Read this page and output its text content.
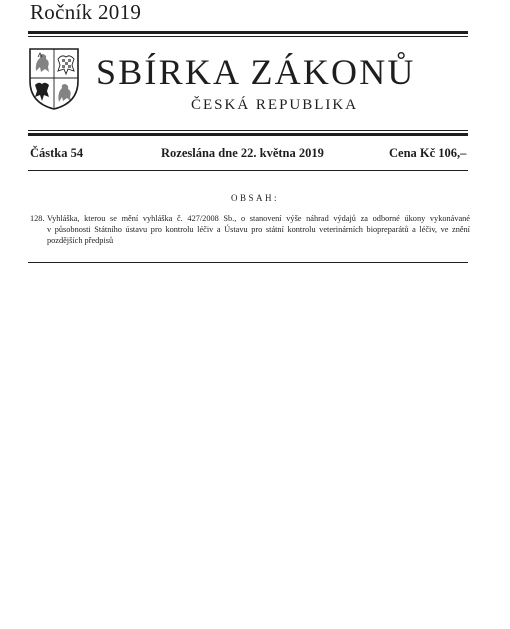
Ročník 2019
SBÍRKA ZÁKONŮ
ČESKÁ REPUBLIKA
Částka 54	Rozeslána dne 22. května 2019	Cena Kč 106,–
OBSAH:
128. Vyhláška, kterou se mění vyhláška č. 427/2008 Sb., o stanovení výše náhrad výdajů za odborné úkony vykonávané
v působnosti Státního ústavu pro kontrolu léčiv a Ústavu pro státní kontrolu veterinárních biopreparátů a léčiv, ve znění
pozdějších předpisů
